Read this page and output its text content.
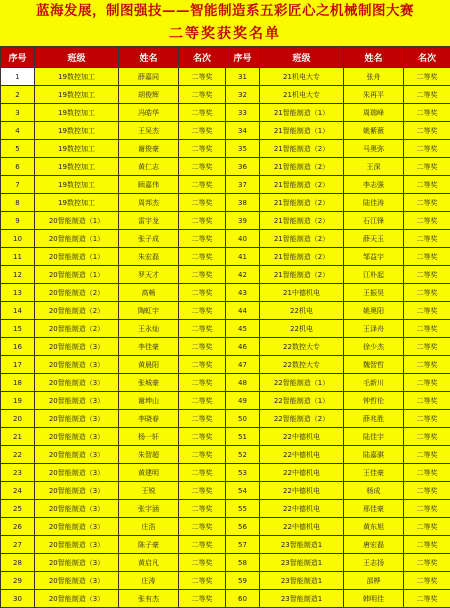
蓝海发展，制图强技——智能制造系五彩匠心之机械制图大赛
二等奖获奖名单
序号	班级	姓名	名次	序号	班级	姓名	名次
1	19数控加工	薛嘉同	二等奖	31	21机电大专	张舟	二等奖
2	19数控加工	胡俊辉	二等奖	32	21机电大专	朱再平	二等奖
3	19数控加工	冯皓华	二等奖	33	21智能制造（1）	周瑞峰	二等奖
4	19数控加工	王吴杰	二等奖	34	21智能制造（1）	姚紫薇	二等奖
5	19数控加工	谢俊豪	二等奖	35	21智能制造（2）	马奥弥	二等奖
6	19数控加工	黄仁志	二等奖	36	21智能制造（2）	王深	二等奖
7	19数控加工	顾嘉伟	二等奖	37	21智能制造（2）	李志强	二等奖
8	19数控加工	周邦杰	二等奖	38	21智能制造（2）	陆佳涛	二等奖
9	20智能制造（1）	雷宇龙	二等奖	39	21智能制造（2）	石江锋	二等奖
10	20智能制造（1）	张子成	二等奖	40	21智能制造（2）	薛天玉	二等奖
11	20智能制造（1）	朱宏磊	二等奖	41	21智能制造（2）	邹益宇	二等奖
12	20智能制造（1）	罗天才	二等奖	42	21智能制造（2）	江朴起	二等奖
13	20智能制造（2）	高畅	二等奖	43	21中德机电	王振昊	二等奖
14	20智能制造（2）	陶虹宇	二等奖	44	22机电	姚奥阳	二等奖
15	20智能制造（2）	王永灿	二等奖	45	22机电	王泽舟	二等奖
16	20智能制造（3）	李佳豪	二等奖	46	22数控大专	徐少杰	二等奖
17	20智能制造（3）	黄晨阳	二等奖	47	22数控大专	魏智哲	二等奖
18	20智能制造（3）	张城豪	二等奖	48	22智能制造（1）	毛新川	二等奖
19	20智能制造（3）	谢坤山	二等奖	49	22智能制造（1）	钟哲伦	二等奖
20	20智能制造（3）	李晓春	二等奖	50	22智能制造（2）	薛兆胜	二等奖
21	20智能制造（3）	杨一轩	二等奖	51	22中德机电	陆佳宇	二等奖
22	20智能制造（3）	朱智超	二等奖	52	22中德机电	陆嘉骐	二等奖
23	20智能制造（3）	黄建明	二等奖	53	22中德机电	王佳豪	二等奖
24	20智能制造（3）	王锐	二等奖	54	22中德机电	杨成	二等奖
25	20智能制造（3）	张宇涵	二等奖	55	22中德机电	邢佳豪	二等奖
26	20智能制造（3）	庄浩	二等奖	56	22中德机电	黄东旭	二等奖
27	20智能制造（3）	陈子豪	二等奖	57	23智能制造1	唐宏磊	二等奖
28	20智能制造（3）	黄启凡	二等奖	58	23智能制造1	王志扬	二等奖
29	20智能制造（3）	庄涛	二等奖	59	23智能制造1	邵桦	二等奖
30	20智能制造（3）	张有杰	二等奖	60	23智能制造1	韩明佳	二等奖
